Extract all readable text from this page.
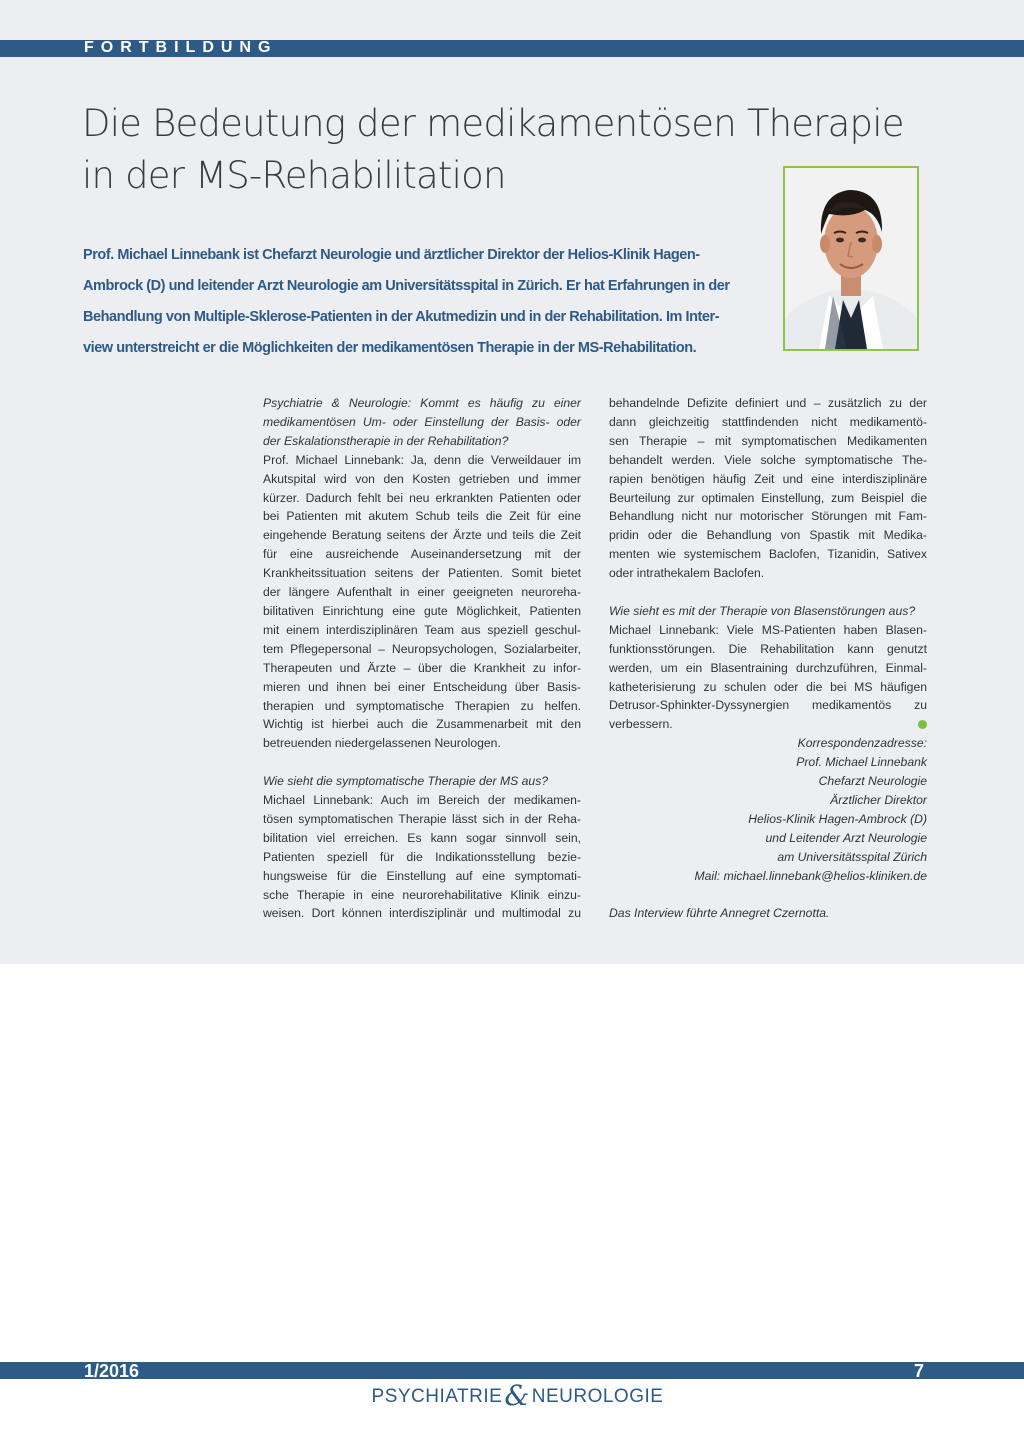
FORTBILDUNG
Die Bedeutung der medikamentösen Therapie
in der MS-Rehabilitation
Prof. Michael Linnebank ist Chefarzt Neurologie und ärztlicher Direktor der Helios-Klinik Hagen-
Ambrock (D) und leitender Arzt Neurologie am Universitätsspital in Zürich. Er hat Erfahrungen in der
Behandlung von Multiple-Sklerose-Patienten in der Akutmedizin und in der Rehabilitation. Im Inter-
view unterstreicht er die Möglichkeiten der medikamentösen Therapie in der MS-Rehabilitation.
Psychiatrie & Neurologie: Kommt es häufig zu einer
medikamentösen Um- oder Einstellung der Basis- oder
der Eskalationstherapie in der Rehabilitation?
Prof. Michael Linnebank: Ja, denn die Verweildauer im
Akutspital wird von den Kosten getrieben und immer
kürzer. Dadurch fehlt bei neu erkrankten Patienten oder
bei Patienten mit akutem Schub teils die Zeit für eine
eingehende Beratung seitens der Ärzte und teils die Zeit
für eine ausreichende Auseinandersetzung mit der
Krankheitssituation seitens der Patienten. Somit bietet
der längere Aufenthalt in einer geeigneten neuroreha-
bilitativen Einrichtung eine gute Möglichkeit, Patienten
mit einem interdisziplinären Team aus speziell geschul-
tem Pflegepersonal – Neuropsychologen, Sozialarbeiter,
Therapeuten und Ärzte – über die Krankheit zu infor-
mieren und ihnen bei einer Entscheidung über Basis-
therapien und symptomatische Therapien zu helfen.
Wichtig ist hierbei auch die Zusammenarbeit mit den
betreuenden niedergelassenen Neurologen.
Wie sieht die symptomatische Therapie der MS aus?
Michael Linnebank: Auch im Bereich der medikamen-
tösen symptomatischen Therapie lässt sich in der Reha-
bilitation viel erreichen. Es kann sogar sinnvoll sein,
Patienten speziell für die Indikationsstellung bezie-
hungsweise für die Einstellung auf eine symptomati-
sche Therapie in eine neurorehabilitative Klinik einzu-
weisen. Dort können interdisziplinär und multimodal zu
behandelnde Defizite definiert und – zusätzlich zu der
dann gleichzeitig stattfindenden nicht medikamentö-
sen Therapie – mit symptomatischen Medikamenten
behandelt werden. Viele solche symptomatische The-
rapien benötigen häufig Zeit und eine interdisziplinäre
Beurteilung zur optimalen Einstellung, zum Beispiel die
Behandlung nicht nur motorischer Störungen mit Fam-
pridin oder die Behandlung von Spastik mit Medika-
menten wie systemischem Baclofen, Tizanidin, Sativex
oder intrathekalem Baclofen.
Wie sieht es mit der Therapie von Blasenstörungen aus?
Michael Linnebank: Viele MS-Patienten haben Blasen-
funktionsstörungen. Die Rehabilitation kann genutzt
werden, um ein Blasentraining durchzuführen, Einmal-
katheterisierung zu schulen oder die bei MS häufigen
Detrusor-Sphinkter-Dyssynergien medikamentös zu
verbessern.
Korrespondenzadresse:
Prof. Michael Linnebank
Chefarzt Neurologie
Ärztlicher Direktor
Helios-Klinik Hagen-Ambrock (D)
und Leitender Arzt Neurologie
am Universitätsspital Zürich
Mail: michael.linnebank@helios-kliniken.de
Das Interview führte Annegret Czernotta.
1/2016	7
PSYCHIATRIE& NEUROLOGIE
